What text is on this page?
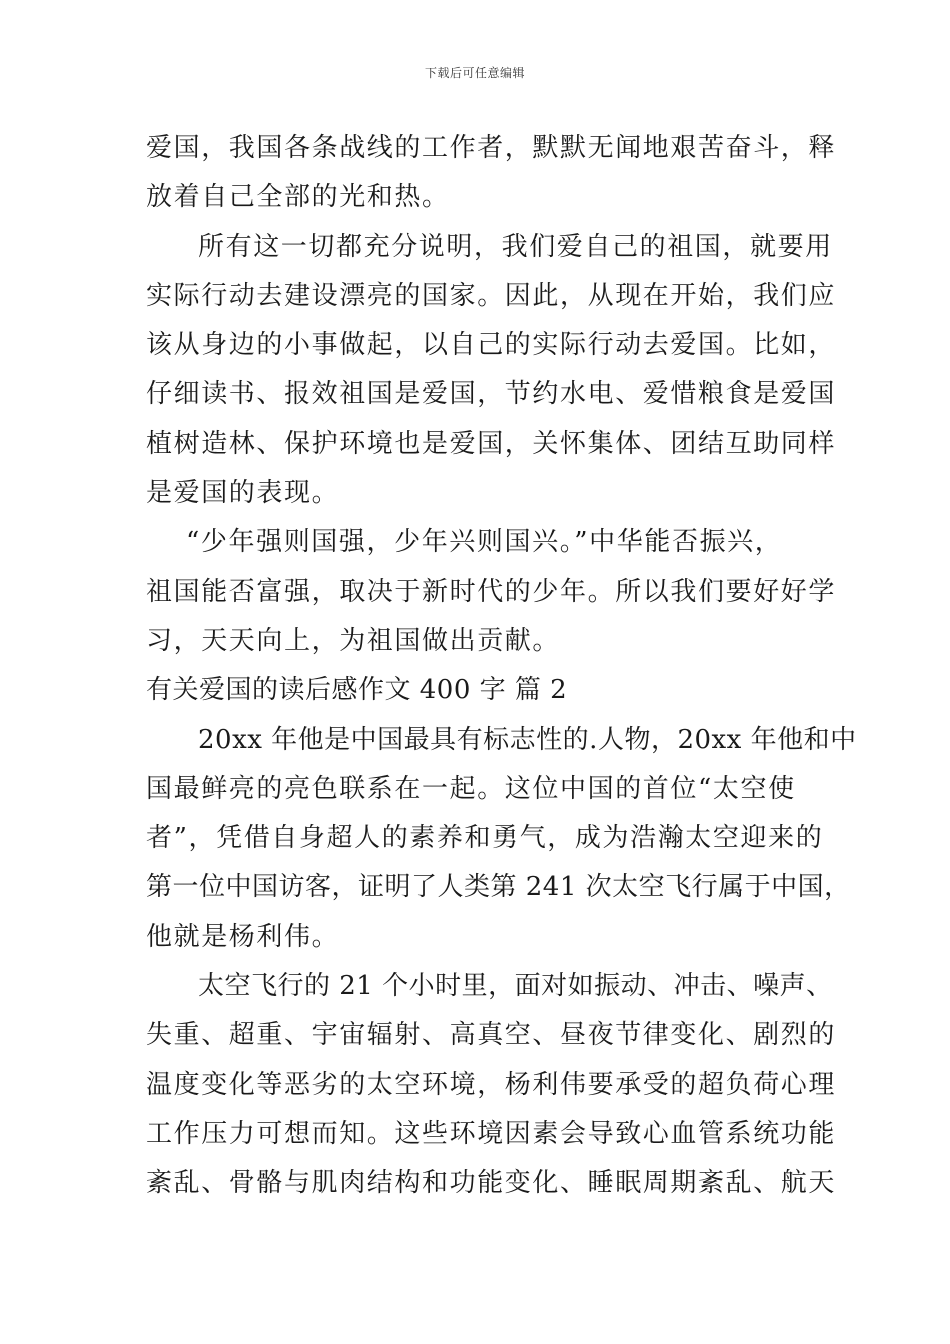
下载后可任意编辑
爱国，我国各条战线的工作者，默默无闻地艰苦奋斗，释
放着自己全部的光和热。
所有这一切都充分说明，我们爱自己的祖国，就要用
实际行动去建设漂亮的国家。因此，从现在开始，我们应
该从身边的小事做起，以自己的实际行动去爱国。比如，
仔细读书、报效祖国是爱国，节约水电、爱惜粮食是爱国
植树造林、保护环境也是爱国，关怀集体、团结互助同样
是爱国的表现。
“少年强则国强，少年兴则国兴。”中华能否振兴，
祖国能否富强，取决于新时代的少年。所以我们要好好学
习，天天向上，为祖国做出贡献。
有关爱国的读后感作文 400 字 篇 2
20xx 年他是中国最具有标志性的.人物，20xx 年他和中
国最鲜亮的亮色联系在一起。这位中国的首位“太空使
者”，凭借自身超人的素养和勇气，成为浩瀚太空迎来的
第一位中国访客，证明了人类第 241 次太空飞行属于中国，
他就是杨利伟。
太空飞行的 21 个小时里，面对如振动、冲击、噪声、
失重、超重、宇宙辐射、高真空、昼夜节律变化、剧烈的
温度变化等恶劣的太空环境，杨利伟要承受的超负荷心理
工作压力可想而知。这些环境因素会导致心血管系统功能
紊乱、骨骼与肌肉结构和功能变化、睡眠周期紊乱、航天
